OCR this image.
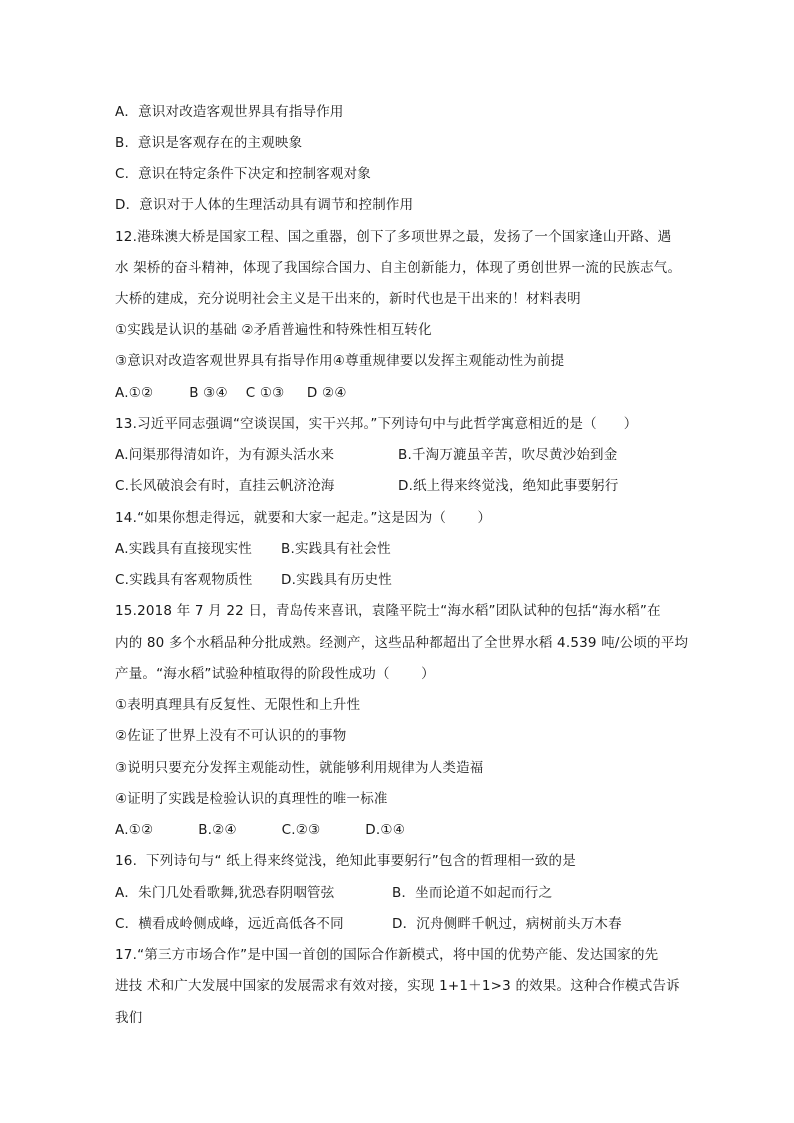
A．意识对改造客观世界具有指导作用
B.  意识是客观存在的主观映象
C.  意识在特定条件下决定和控制客观对象
D．意识对于人体的生理活动具有调节和控制作用
12.港珠澳大桥是国家工程、国之重器，创下了多项世界之最，发扬了一个国家逢山开路、遇
水 架桥的奋斗精神，体现了我国综合国力、自主创新能力，体现了勇创世界一流的民族志气。
大桥的建成，充分说明社会主义是干出来的，新时代也是干出来的！材料表明
①实践是认识的基础 ②矛盾普遍性和特殊性相互转化
③意识对改造客观世界具有指导作用④尊重规律要以发挥主观能动性为前提
A.①②        B ③④    C ①③     D ②④
13.习近平同志强调“空谈误国，实干兴邦。”下列诗句中与此哲学寓意相近的是（      ）
A.问渠那得清如许，为有源头活水来	B.千淘万漉虽辛苦，吹尽黄沙始到金
C.长风破浪会有时，直挂云帆济沧海	D.纸上得来终觉浅，绝知此事要躬行
14.“如果你想走得远，就要和大家一起走。”这是因为（       ）
A.实践具有直接现实性 B.实践具有社会性
C.实践具有客观物质性 D.实践具有历史性
15.2018 年 7 月 22 日，青岛传来喜讯，袁隆平院士“海水稻”团队试种的包括“海水稻”在
内的 80 多个水稻品种分批成熟。经测产，这些品种都超出了全世界水稻 4.539 吨/公顷的平均
产量。“海水稻”试验种植取得的阶段性成功（       ）
①表明真理具有反复性、无限性和上升性
②佐证了世界上没有不可认识的的事物
③说明只要充分发挥主观能动性，就能够利用规律为人类造福
④证明了实践是检验认识的真理性的唯一标准
A.①②          B.②④          C.②③          D.①④
16.  下列诗句与“ 纸上得来终觉浅，绝知此事要躬行”包含的哲理相一致的是
A．朱门几处看歌舞,犹恐春阴咽管弦	B．坐而论道不如起而行之
C．横看成岭侧成峰，远近高低各不同	D．沉舟侧畔千帆过，病树前头万木春
17.“第三方市场合作”是中国一首创的国际合作新模式，将中国的优势产能、发达国家的先
进技 术和广大发展中国家的发展需求有效对接，实现 1+1＋1>3 的效果。这种合作模式告诉
我们
